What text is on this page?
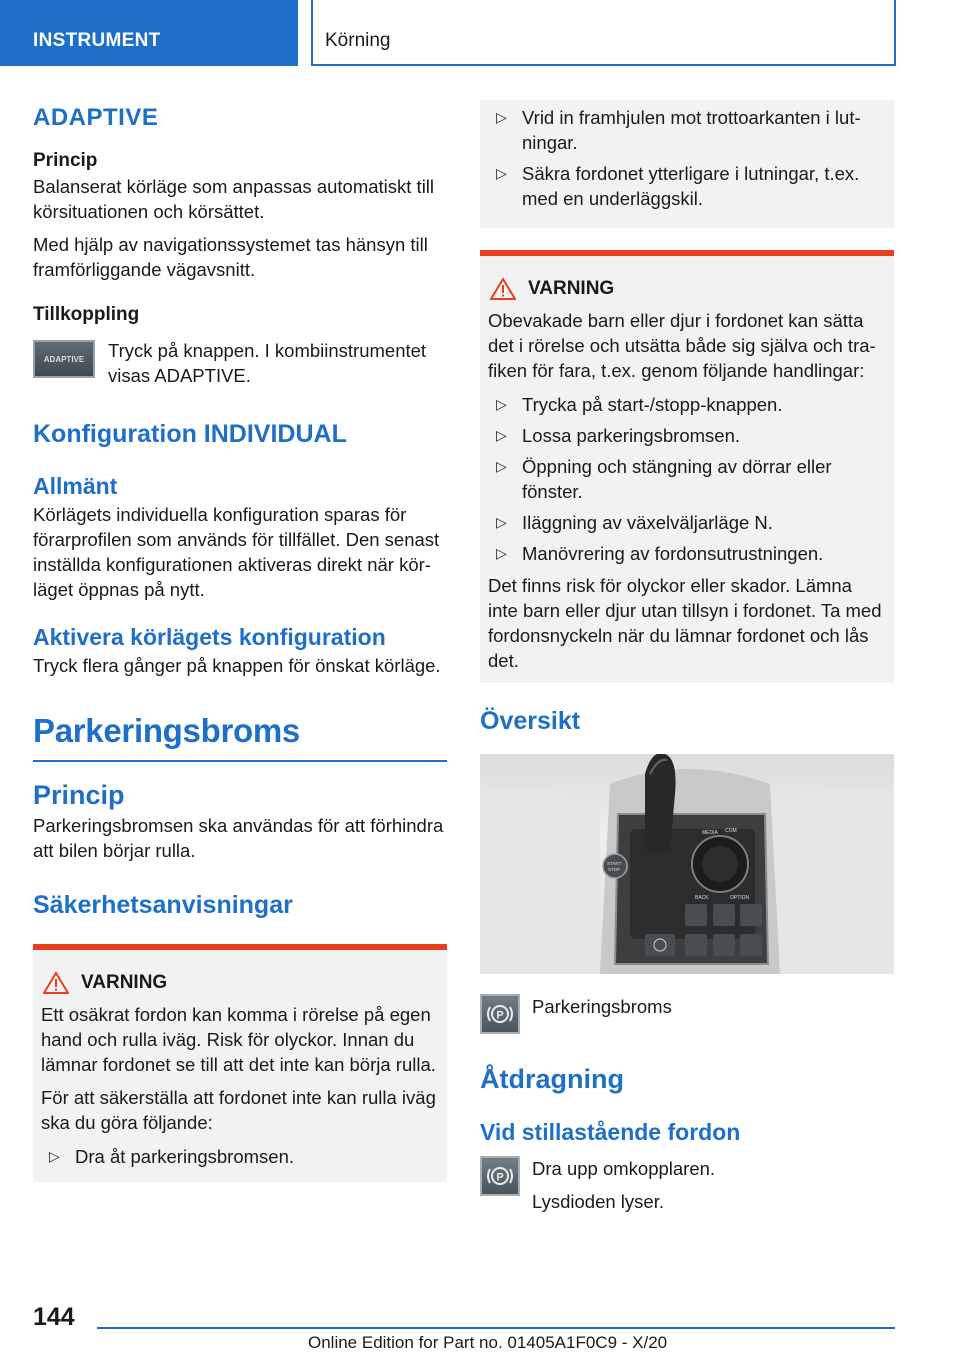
INSTRUMENT	Körning
ADAPTIVE
Princip

Balanserat körläge som anpassas automatiskt till körsituationen och körsättet.

Med hjälp av navigationssystemet tas hänsyn till framförliggande vägavsnitt.

Tillkoppling
ADAPTIVE	Tryck på knappen. I kombiinstrumentet visas ADAPTIVE.

Konfiguration INDIVIDUAL
Allmänt

Körlägets individuella konfiguration sparas för förarprofilen som används för tillfället. Den senast inställda konfigurationen aktiveras direkt när körläget öppnas på nytt.

Aktivera körlägets konfiguration

Tryck flera gånger på knappen för önskat körläge.

Parkeringsbroms
Princip

Parkeringsbromsen ska användas för att förhindra att bilen börjar rulla.

Säkerhetsanvisningar
VARNING

Ett osäkrat fordon kan komma i rörelse på egen hand och rulla iväg. Risk för olyckor. Innan du lämnar fordonet se till att det inte kan börja rulla.

För att säkerställa att fordonet inte kan rulla iväg ska du göra följande:

▷ Dra åt parkeringsbromsen.
▷ Vrid in framhjulen mot trottoarkanten i lutningar.
▷ Säkra fordonet ytterligare i lutningar, t.ex. med en underläggskil.
VARNING

Obevakade barn eller djur i fordonet kan sätta det i rörelse och utsätta både sig själva och trafiken för fara, t.ex. genom följande handlingar:

▷ Trycka på start-/stopp-knappen.
▷ Lossa parkeringsbromsen.
▷ Öppning och stängning av dörrar eller fönster.
▷ Iläggning av växelväljarläge N.
▷ Manövrering av fordonsutrustningen.

Det finns risk för olyckor eller skador. Lämna inte barn eller djur utan tillsyn i fordonet. Ta med fordonsnyckeln när du lämnar fordonet och lås det.

Översikt
START
STOP
MEDIA COM
BACK	OPTION
P Parkeringsbroms

Åtdragning
Vid stillastående fordon
P Dra upp omkopplaren.

Lysdioden lyser.

144
Online Edition for Part no. 01405A1F0C9 - X/20
